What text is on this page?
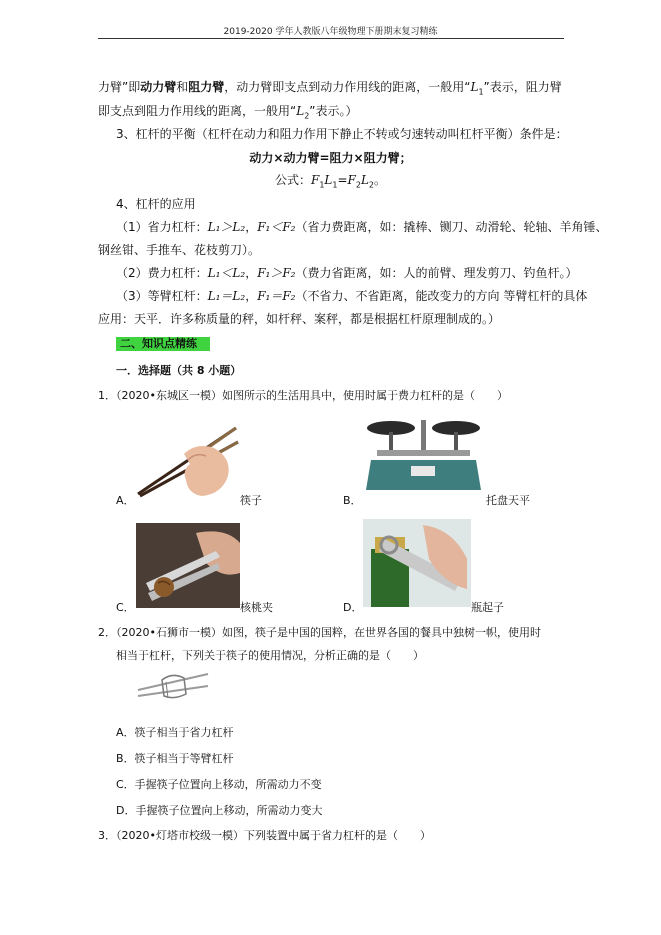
2019-2020 学年人教版八年级物理下册期末复习精练
力臂”即动力臂和阻力臂，动力臂即支点到动力作用线的距离，一般用“$L_1$”表示，阻力臂
即支点到阻力作用线的距离，一般用“$L_2$”表示。）
3、杠杆的平衡（杠杆在动力和阻力作用下静止不转或匀速转动叫杠杆平衡）条件是：
动力×动力臂=阻力×阻力臂；
公式：$F_1L_1=F_2L_2$。
4、杠杆的应用
（1）省力杠杆：L₁＞L₂，F₁＜F₂（省力费距离，如：撬棒、铡刀、动滑轮、轮轴、羊角锤、
钢丝钳、手推车、花枝剪刀）。
（2）费力杠杆：L₁＜L₂，F₁＞F₂（费力省距离，如：人的前臂、理发剪刀、钓鱼杆。）
（3）等臂杠杆：L₁＝L₂，F₁＝F₂（不省力、不省距离，能改变力的方向 等臂杠杆的具体
应用：天平．许多称质量的秤，如杆秤、案秤，都是根据杠杆原理制成的。）
二、知识点精练
一．选择题（共 8 小题）
1．（2020•东城区一模）如图所示的生活用具中，使用时属于费力杠杆的是（　　）
A．	筷子	B．	托盘天平
C．	核桃夹	D．	瓶起子
2．（2020•石狮市一模）如图，筷子是中国的国粹，在世界各国的餐具中独树一帜，使用时
相当于杠杆，下列关于筷子的使用情况，分析正确的是（　　）
A．筷子相当于省力杠杆
B．筷子相当于等臂杠杆
C．手握筷子位置向上移动，所需动力不变
D．手握筷子位置向上移动，所需动力变大
3．（2020•灯塔市校级一模）下列装置中属于省力杠杆的是（　　）
